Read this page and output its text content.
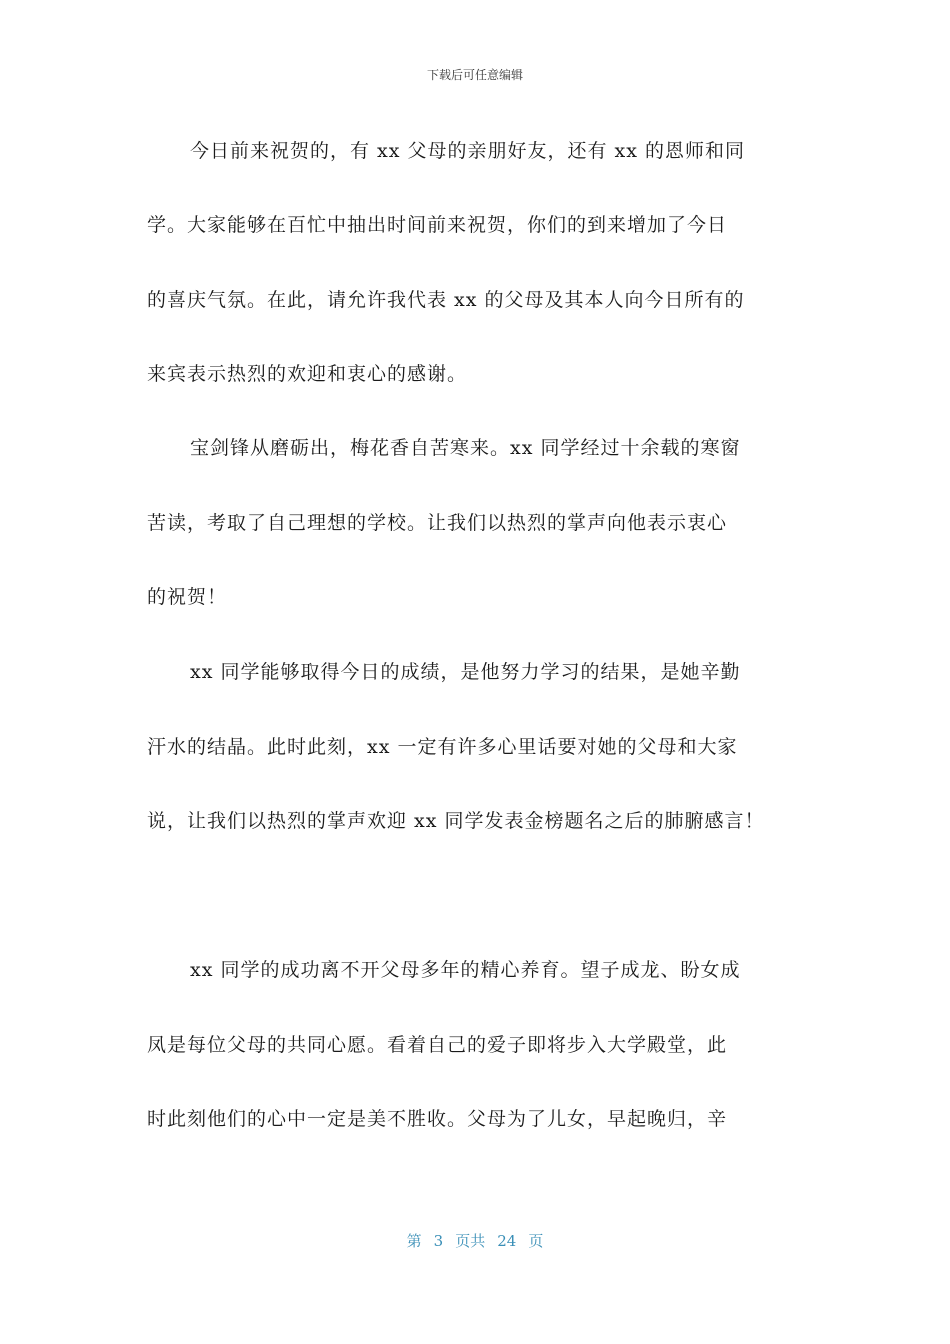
下载后可任意编辑
今日前来祝贺的，有 xx 父母的亲朋好友，还有 xx 的恩师和同
学。大家能够在百忙中抽出时间前来祝贺，你们的到来增加了今日
的喜庆气氛。在此，请允许我代表 xx 的父母及其本人向今日所有的
来宾表示热烈的欢迎和衷心的感谢。
宝剑锋从磨砺出，梅花香自苦寒来。xx 同学经过十余载的寒窗
苦读，考取了自己理想的学校。让我们以热烈的掌声向他表示衷心
的祝贺！
xx 同学能够取得今日的成绩，是他努力学习的结果，是她辛勤
汗水的结晶。此时此刻，xx 一定有许多心里话要对她的父母和大家
说，让我们以热烈的掌声欢迎 xx 同学发表金榜题名之后的肺腑感言！
xx 同学的成功离不开父母多年的精心养育。望子成龙、盼女成
凤是每位父母的共同心愿。看着自己的爱子即将步入大学殿堂，此
时此刻他们的心中一定是美不胜收。父母为了儿女，早起晚归，辛
第 3 页共 24 页
